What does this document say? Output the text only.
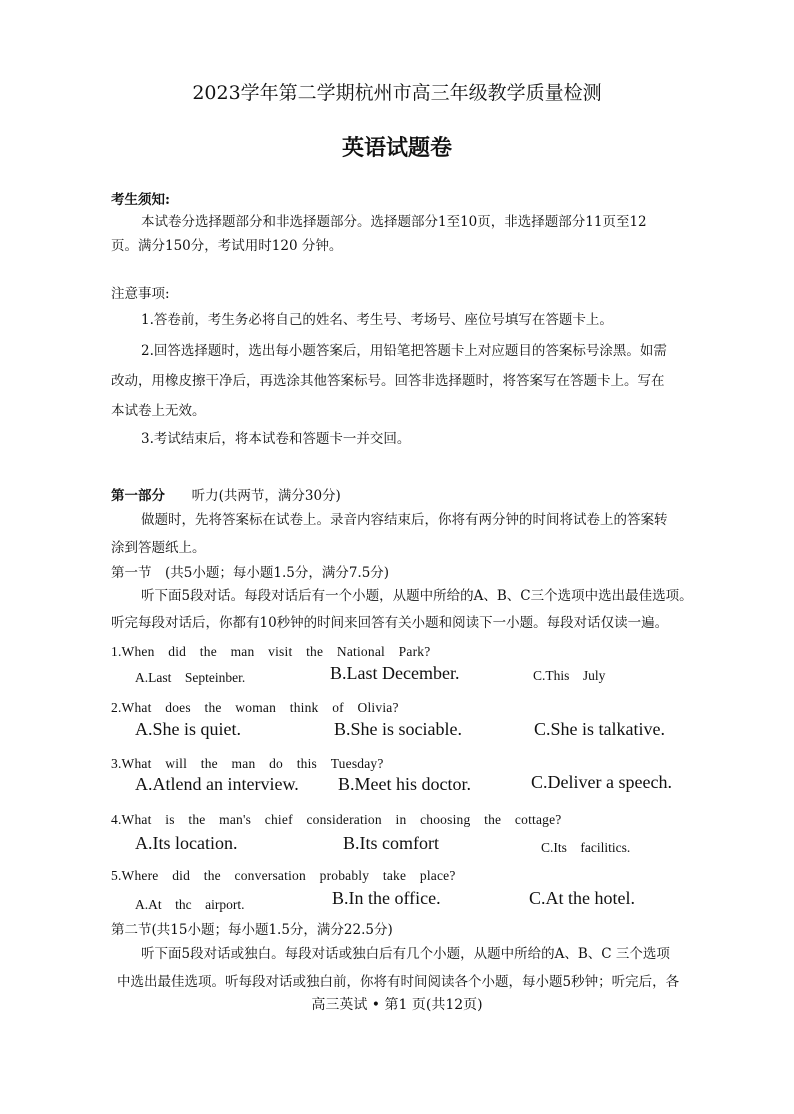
2023学年第二学期杭州市高三年级教学质量检测
英语试题卷
考生须知:
本试卷分选择题部分和非选择题部分。选择题部分1至10页，非选择题部分11页至12
页。满分150分，考试用时120 分钟。
注意事项:
1.答卷前，考生务必将自己的姓名、考生号、考场号、座位号填写在答题卡上。
2.回答选择题时，选出每小题答案后，用铅笔把答题卡上对应题目的答案标号涂黑。如需
改动，用橡皮擦干净后，再选涂其他答案标号。回答非选择题时，将答案写在答题卡上。写在
本试卷上无效。
3.考试结束后，将本试卷和答题卡一并交回。
第一部分 听力(共两节，满分30分)
做题时，先将答案标在试卷上。录音内容结束后，你将有两分钟的时间将试卷上的答案转
涂到答题纸上。
第一节　(共5小题；每小题1.5分，满分7.5分)
听下面5段对话。每段对话后有一个小题，从题中所给的A、B、C三个选项中选出最佳选项。
听完每段对话后，你都有10秒钟的时间来回答有关小题和阅读下一小题。每段对话仅读一遍。
1.When　did　the　man　visit　the　National　Park?
A.Last　Septeinber.	B.Last December.	C.This　July
2.What　does　the　woman　think　of　Olivia?
A.She is quiet.	B.She is sociable.	C.She is talkative.
3.What　will　the　man　do　this　Tuesday?
A.Atlend an interview. B.Meet his doctor.	C.Deliver a speech.
4.What　is　the　man's　chief　consideration　in　choosing　the　cottage?
A.Its location.	B.Its comfort	C.Its　facilitics.
5.Where　did　the　conversation　probably　take　place?
A.At　thc　airport.	B.In the office.	C.At the hotel.
第二节(共15小题；每小题1.5分，满分22.5分)
听下面5段对话或独白。每段对话或独白后有几个小题，从题中所给的A、B、C 三个选项
中选出最佳选项。听每段对话或独白前，你将有时间阅读各个小题，每小题5秒钟；听完后，各
高三英试 • 第1 页(共12页)
